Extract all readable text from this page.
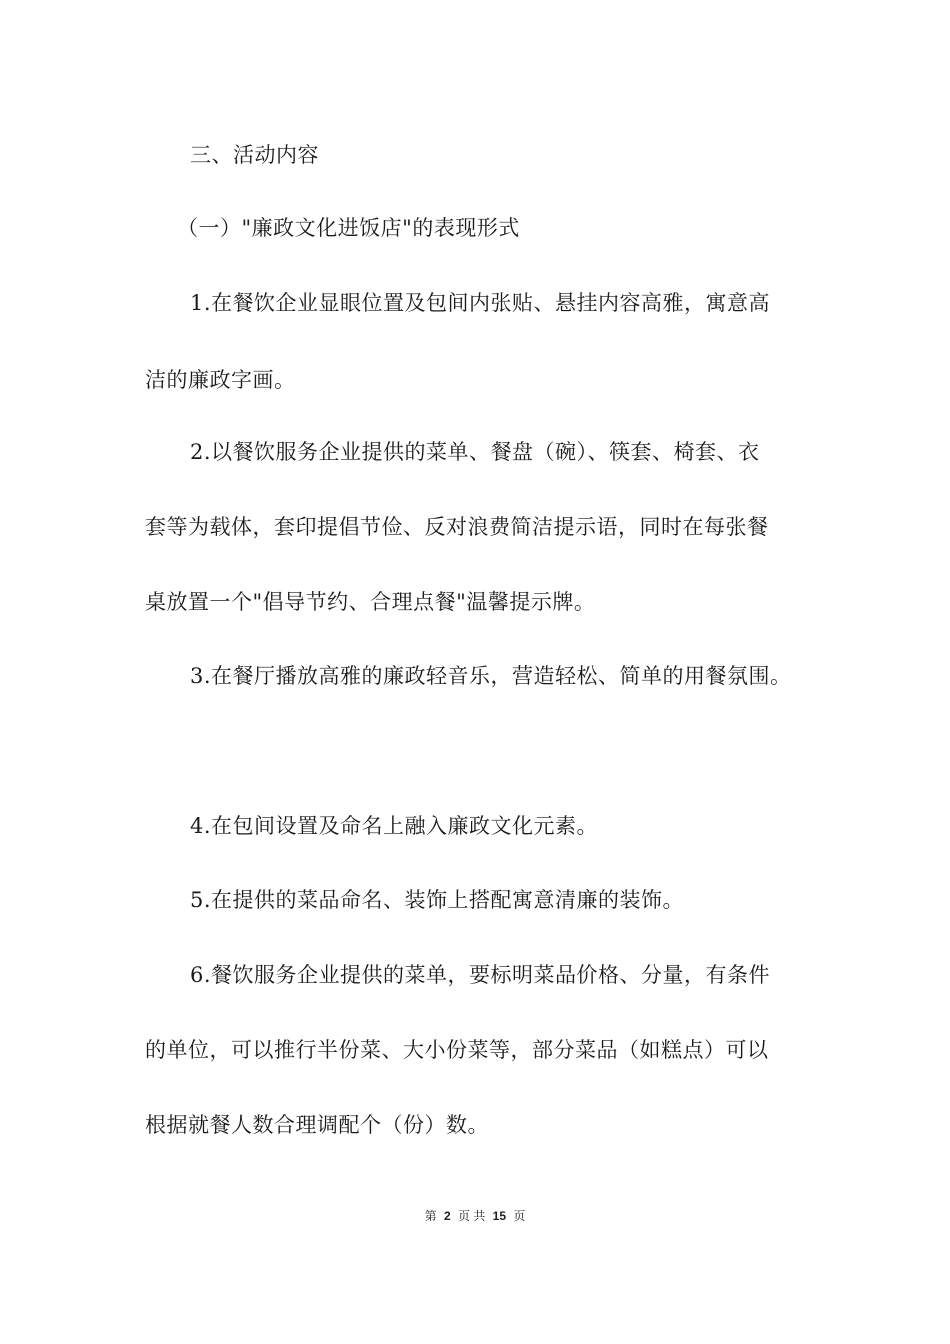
三、活动内容
（一）"廉政文化进饭店"的表现形式
1.在餐饮企业显眼位置及包间内张贴、悬挂内容高雅，寓意高
洁的廉政字画。
2.以餐饮服务企业提供的菜单、餐盘（碗）、筷套、椅套、衣
套等为载体，套印提倡节俭、反对浪费简洁提示语，同时在每张餐
桌放置一个"倡导节约、合理点餐"温馨提示牌。
3.在餐厅播放高雅的廉政轻音乐，营造轻松、简单的用餐氛围。
4.在包间设置及命名上融入廉政文化元素。
5.在提供的菜品命名、装饰上搭配寓意清廉的装饰。
6.餐饮服务企业提供的菜单，要标明菜品价格、分量，有条件
的单位，可以推行半份菜、大小份菜等，部分菜品（如糕点）可以
根据就餐人数合理调配个（份）数。
第 2 页 共 15 页
